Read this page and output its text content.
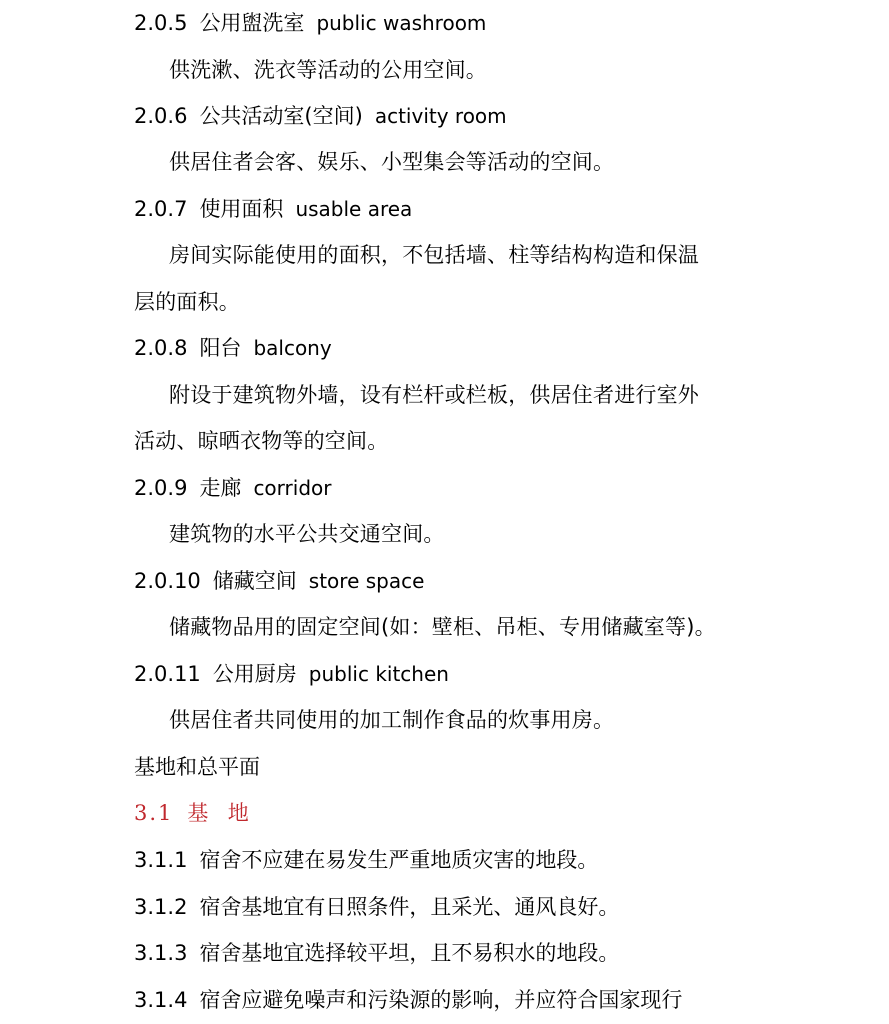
2.0.5 公用盥洗室 public washroom
供洗漱、洗衣等活动的公用空间。
2.0.6 公共活动室(空间) activity room
供居住者会客、娱乐、小型集会等活动的空间。
2.0.7 使用面积 usable area
房间实际能使用的面积，不包括墙、柱等结构构造和保温
层的面积。
2.0.8 阳台 balcony
附设于建筑物外墙，设有栏杆或栏板，供居住者进行室外
活动、晾晒衣物等的空间。
2.0.9 走廊 corridor
建筑物的水平公共交通空间。
2.0.10 储藏空间 store space
储藏物品用的固定空间(如：壁柜、吊柜、专用储藏室等)。
2.0.11 公用厨房 public kitchen
供居住者共同使用的加工制作食品的炊事用房。
基地和总平面
3.1 基  地
3.1.1 宿舍不应建在易发生严重地质灾害的地段。
3.1.2 宿舍基地宜有日照条件，且采光、通风良好。
3.1.3 宿舍基地宜选择较平坦，且不易积水的地段。
3.1.4 宿舍应避免噪声和污染源的影响，并应符合国家现行
